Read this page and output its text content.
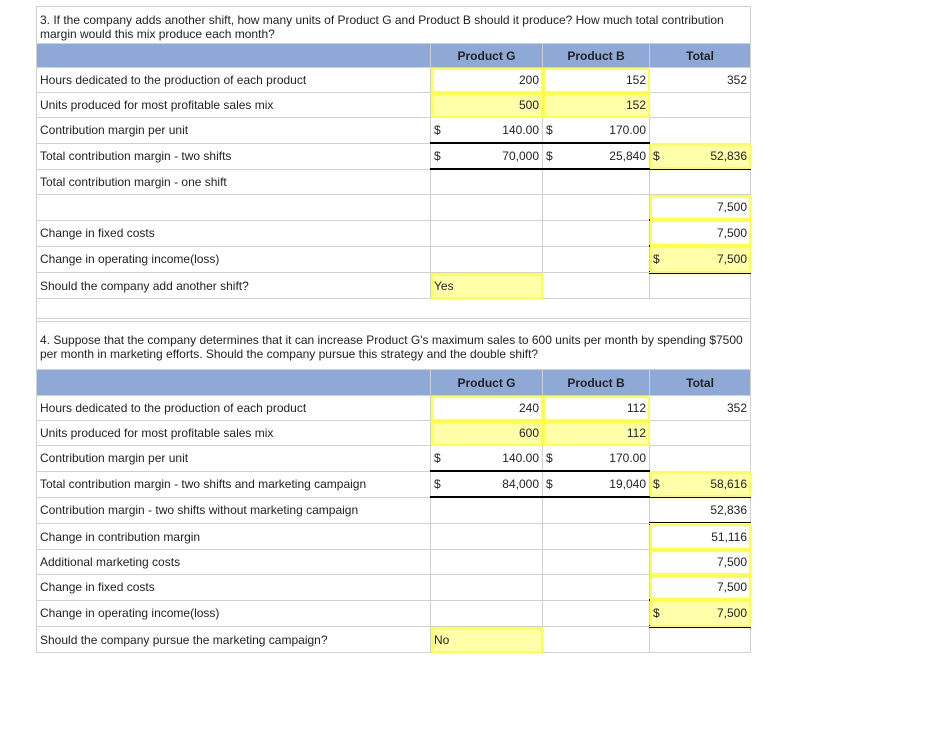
3. If the company adds another shift, how many units of Product G and Product B should it produce? How much total contribution margin would this mix produce each month?			
	Product G	Product B	Total
Hours dedicated to the production of each product	200	152	352
Units produced for most profitable sales mix	500	152	
Contribution margin per unit	$ 140.00	$ 170.00	

Total contribution margin - two shifts	$ 70,000	$ 25,840	$ 52,836

Total contribution margin - one shift			
			7,500
Change in fixed costs			7,500
Change in operating income(loss)			$ 7,500

Should the company add another shift?	Yes		

4. Suppose that the company determines that it can increase Product G's maximum sales to 600 units per month by spending $7500 per month in marketing efforts. Should the company pursue this strategy and the double shift?			
	Product G	Product B	Total
Hours dedicated to the production of each product	240	112	352
Units produced for most profitable sales mix	600	112	
Contribution margin per unit	$ 140.00	$ 170.00	

Total contribution margin - two shifts and marketing campaign	$ 84,000	$ 19,040	$ 58,616

Contribution margin - two shifts without marketing campaign			52,836
Change in contribution margin			51,116
Additional marketing costs			7,500
Change in fixed costs			7,500
Change in operating income(loss)			$ 7,500

Should the company pursue the marketing campaign?	No		
